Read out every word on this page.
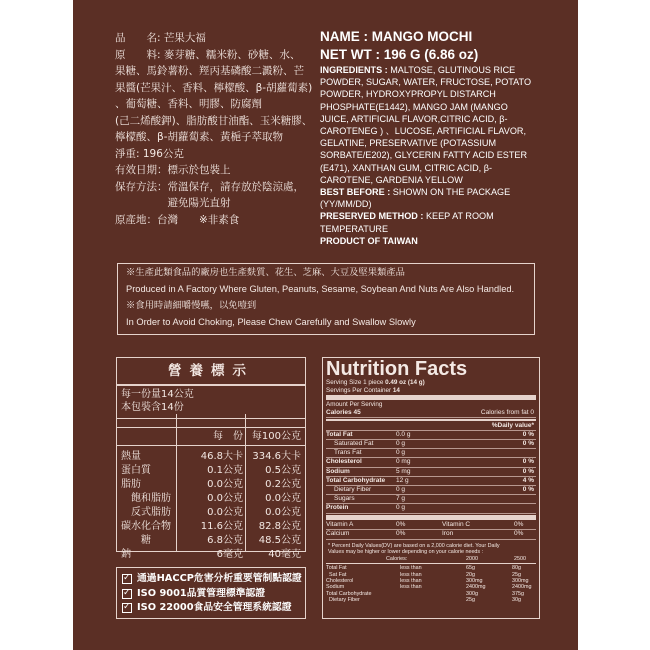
品　　名: 芒果大福
原　　料: 麥芽糖、糯米粉、砂糖、水、
果糖、馬鈴薯粉、羥丙基磷酸二澱粉、芒
果醬(芒果汁、香料、檸檬酸、β-胡蘿蔔素)
、葡萄糖、香料、明膠、防腐劑
(己二烯酸鉀)、脂肪酸甘油酯、玉米糖膠、
檸檬酸、β-胡蘿蔔素、黃梔子萃取物
淨重: 196公克
有效日期：標示於包裝上
保存方法：常溫保存，請存放於陰涼處，
　　　　　避免陽光直射
原產地：台灣　　※非素食
NAME : MANGO MOCHI
NET WT : 196 G (6.86 oz)
INGREDIENTS : MALTOSE, GLUTINOUS RICE POWDER, SUGAR, WATER, FRUCTOSE, POTATO POWDER, HYDROXYPROPYL DISTARCH PHOSPHATE(E1442), MANGO JAM (MANGO JUICE, ARTIFICIAL FLAVOR,CITRIC ACID, β-CAROTENEG ) 、LUCOSE, ARTIFICIAL FLAVOR, GELATINE, PRESERVATIVE (POTASSIUM SORBATE/E202), GLYCERIN FATTY ACID ESTER (E471), XANTHAN GUM, CITRIC ACID, β-CAROTENE, GARDENIA YELLOW
BEST BEFORE : SHOWN ON THE PACKAGE (YY/MM/DD)
PRESERVED METHOD : KEEP AT ROOM TEMPERATURE
PRODUCT OF TAIWAN
※生產此類食品的廠房也生產麩質、花生、芝麻、大豆及堅果類產品
Produced in A Factory Where Gluten, Peanuts, Sesame, Soybean And Nuts Are Also Handled.
※食用時請細嚼慢嚥，以免噎到
In Order to Avoid Choking, Please Chew Carefully and Swallow Slowly
營養標示
每一份量14公克
本包裝含14份
每　份 每100公克
熱量	46.8大卡 334.6大卡
蛋白質	0.1公克 0.5公克
脂肪	0.0公克 0.2公克
飽和脂肪	0.0公克 0.0公克
反式脂肪	0.0公克 0.0公克
碳水化合物	11.6公克 82.8公克
　糖	6.8公克 48.5公克
鈉	6毫克	40毫克
Nutrition Facts
Serving Size 1 piece 0.49 oz (14 g)
Servings Per Container 14
Amount Per Serving
Calories 45	Calories from fat 0
%Daily value*
Total Fat	0.0 g	0 %
Saturated Fat	0 g	0 %
Trans Fat	0 g
Cholesterol	0 mg	0 %
Sodium	5 mg	0 %
Total Carbohydrate 12 g	4 %
Dietary Fiber	0 g	0 %
Sugars	7 g
Protein	0 g
Vitamin A	0%	Vitamin C	0%
Calcium	0%	Iron	0%
* Percent Daily Values(DV) are based on a 2,000 calorie diet. Your Daily
Values may be higher or lower depending on your calorie needs :
Calories:	2000	2500
Total Fat	less than	65g	80g
Sat Fat	less than	20g	25g
Cholesterol	less than	300mg	300mg
Sodium	less than	2400mg	2400mg
Total Carbohydrate	300g	375g
Dietary Fiber	25g	30g
✓
通過HACCP危害分析重要管制點認證
✓
ISO 9001品質管理標準認證
✓
ISO 22000食品安全管理系統認證
